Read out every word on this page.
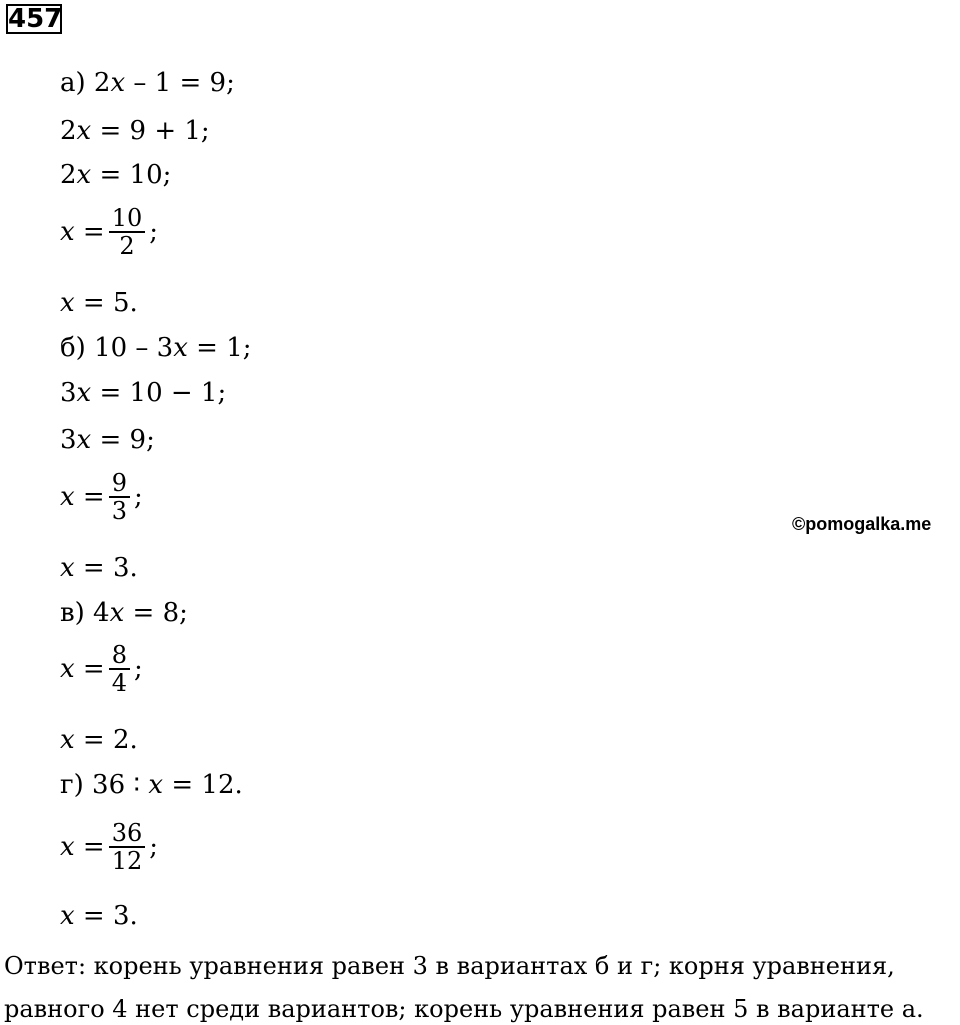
457
а) 2x – 1 = 9;
2x = 9 + 1;
2x = 10;
$x = \frac{10}{2}$ ;
x = 5.
б) 10 – 3x = 1;
3x = 10 − 1;
3x = 9;
$x = \frac{9}{3}$ ;
x = 3.
в) 4x = 8;
$x = \frac{8}{4}$ ;
x = 2.
г) 36 ∶ x = 12.
$x = \frac{36}{12}$ ;
x = 3.
©pomogalka.me
Ответ: корень уравнения равен 3 в вариантах б и г; корня уравнения,
равного 4 нет среди вариантов; корень уравнения равен 5 в варианте а.
